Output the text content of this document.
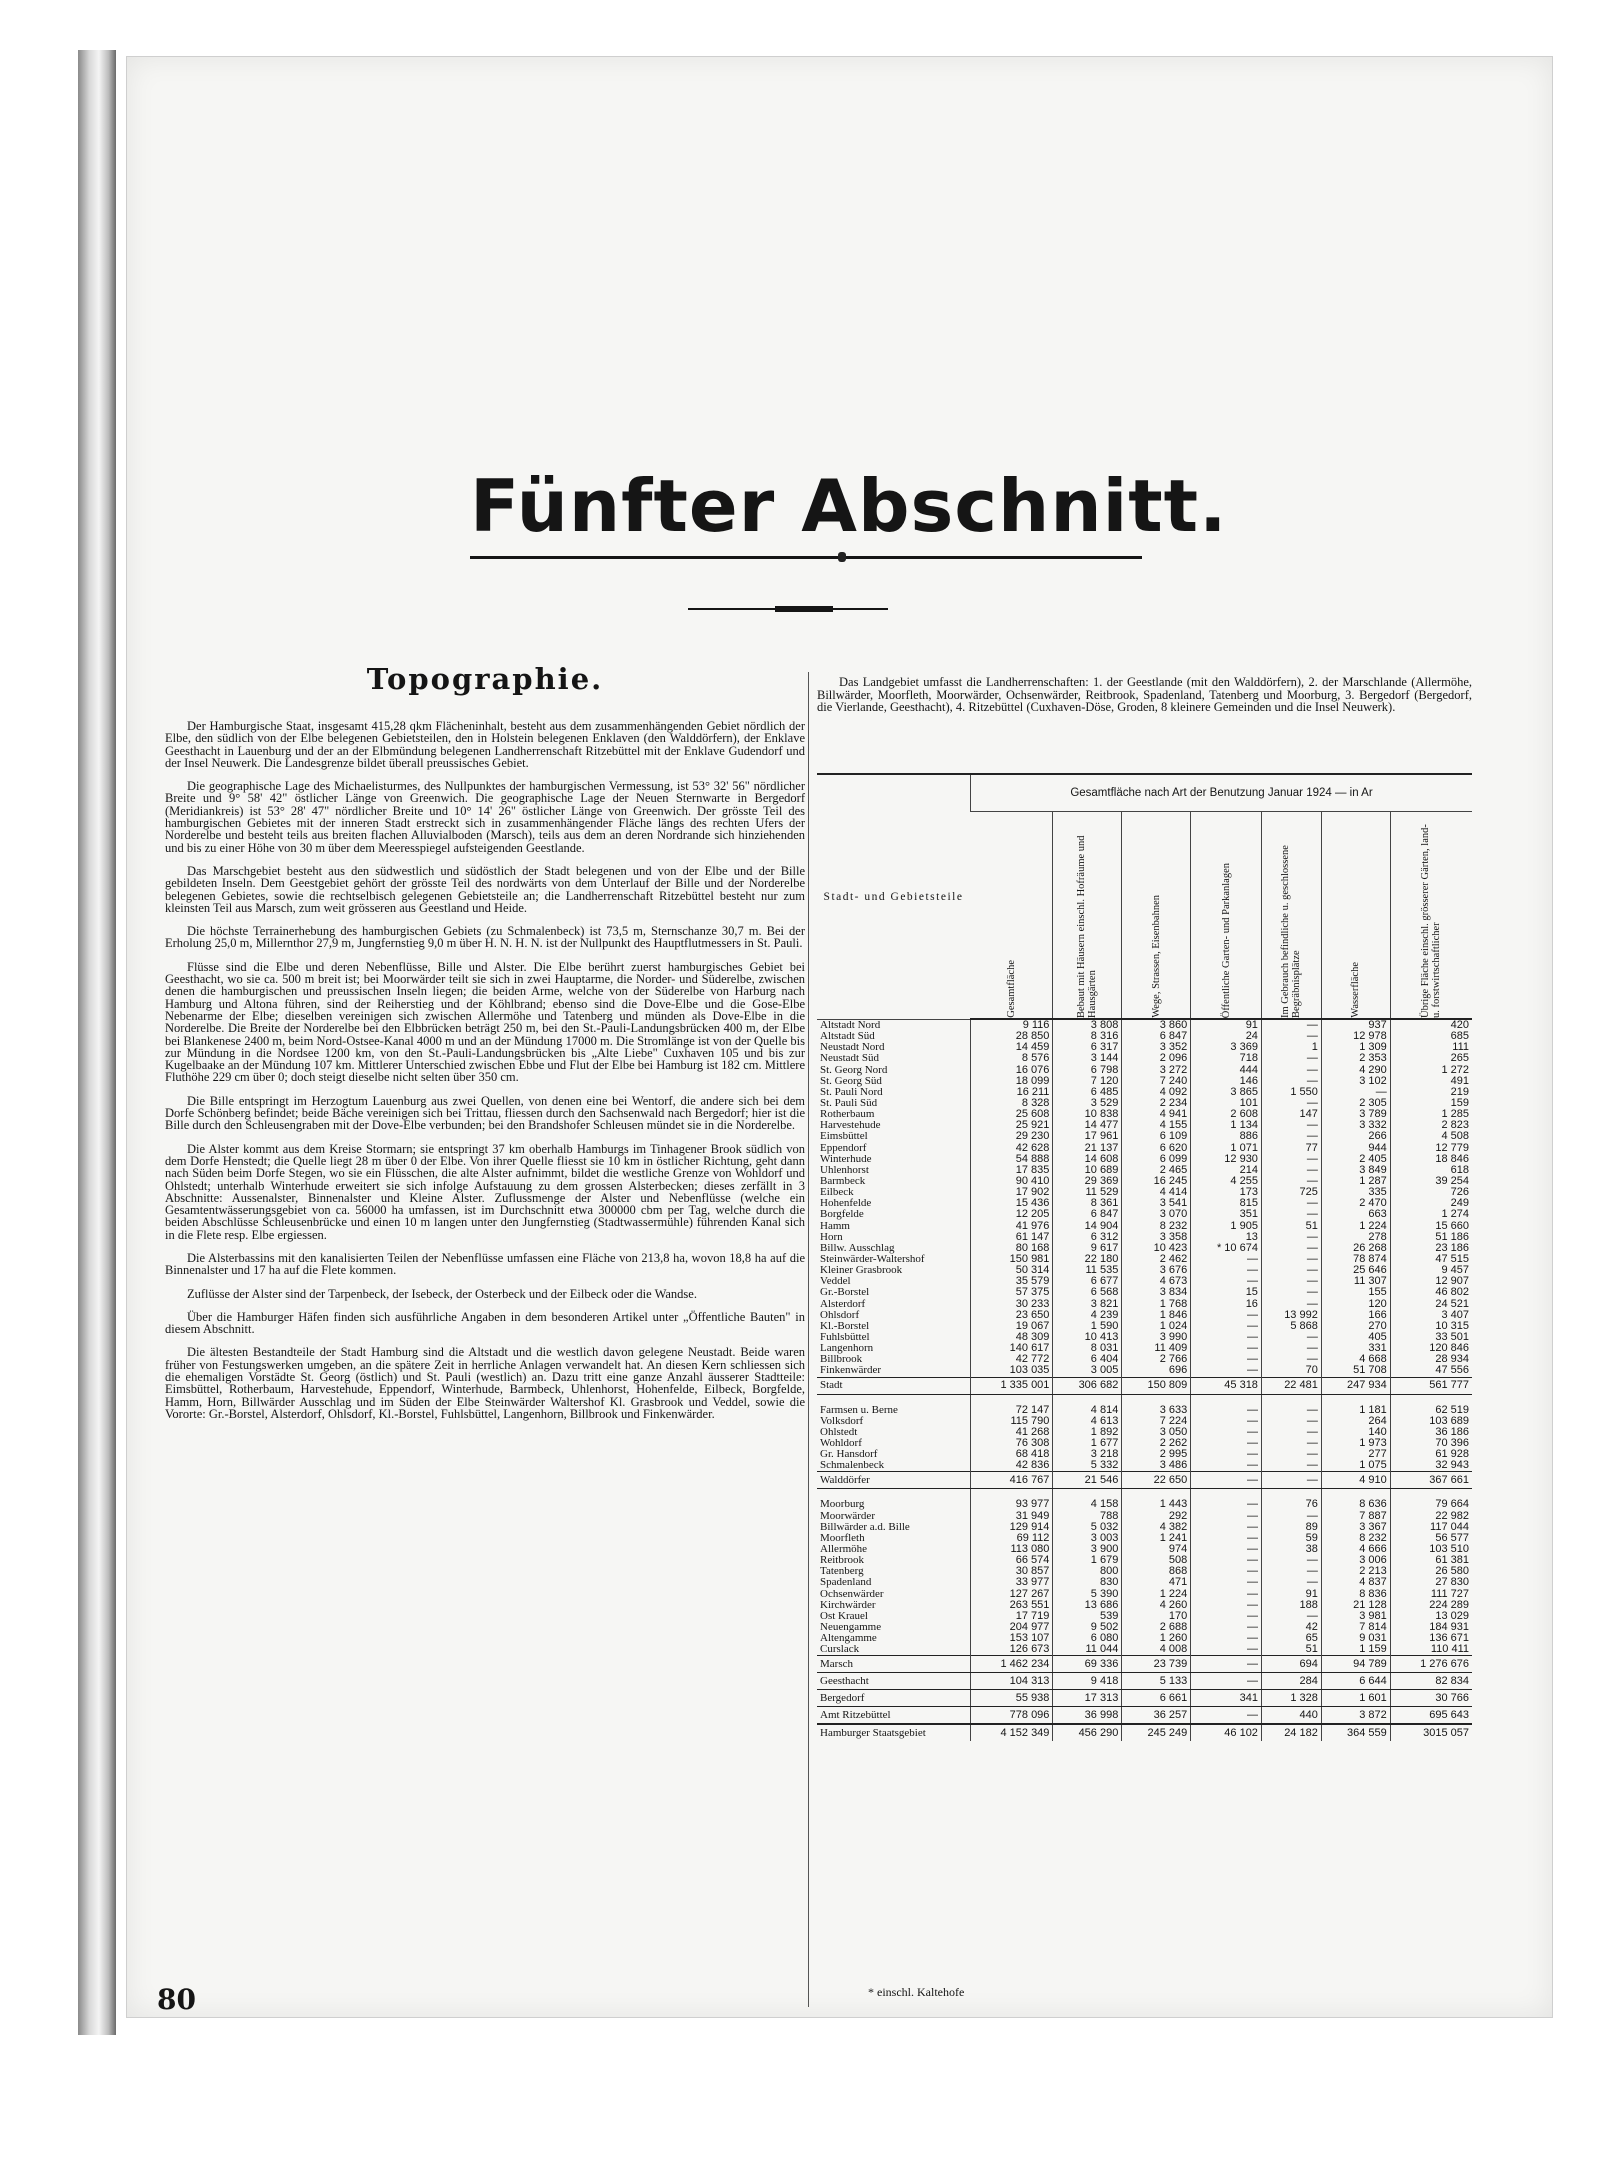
Fünfter Abschnitt.
Topographie.

Der Hamburgische Staat, insgesamt 415,28 qkm Flächeninhalt, besteht aus dem zusammenhängenden Gebiet nördlich der Elbe, den südlich von der Elbe belegenen Gebietsteilen, den in Holstein belegenen Enklaven (den Walddörfern), der Enklave Geesthacht in Lauenburg und der an der Elbmündung belegenen Landherrenschaft Ritzebüttel mit der Enklave Gudendorf und der Insel Neuwerk. Die Landesgrenze bildet überall preussisches Gebiet.

Die geographische Lage des Michaelisturmes, des Nullpunktes der hamburgischen Vermessung, ist 53° 32' 56" nördlicher Breite und 9° 58' 42" östlicher Länge von Greenwich. Die geographische Lage der Neuen Sternwarte in Bergedorf (Meridiankreis) ist 53° 28' 47" nördlicher Breite und 10° 14' 26" östlicher Länge von Greenwich. Der grösste Teil des hamburgischen Gebietes mit der inneren Stadt erstreckt sich in zusammenhängender Fläche längs des rechten Ufers der Norderelbe und besteht teils aus breiten flachen Alluvialboden (Marsch), teils aus dem an deren Nordrande sich hinziehenden und bis zu einer Höhe von 30 m über dem Meeresspiegel aufsteigenden Geestlande.

Das Marschgebiet besteht aus den südwestlich und südöstlich der Stadt belegenen und von der Elbe und der Bille gebildeten Inseln. Dem Geestgebiet gehört der grösste Teil des nordwärts von dem Unterlauf der Bille und der Norderelbe belegenen Gebietes, sowie die rechtselbisch gelegenen Gebietsteile an; die Landherrenschaft Ritzebüttel besteht nur zum kleinsten Teil aus Marsch, zum weit grösseren aus Geestland und Heide.

Die höchste Terrainerhebung des hamburgischen Gebiets (zu Schmalenbeck) ist 73,5 m, Sternschanze 30,7 m. Bei der Erholung 25,0 m, Millernthor 27,9 m, Jungfernstieg 9,0 m über H. N. H. N. ist der Nullpunkt des Hauptflutmessers in St. Pauli.

Flüsse sind die Elbe und deren Nebenflüsse, Bille und Alster. Die Elbe berührt zuerst hamburgisches Gebiet bei Geesthacht, wo sie ca. 500 m breit ist; bei Moorwärder teilt sie sich in zwei Hauptarme, die Norder- und Süderelbe, zwischen denen die hamburgischen und preussischen Inseln liegen; die beiden Arme, welche von der Süderelbe von Harburg nach Hamburg und Altona führen, sind der Reiherstieg und der Köhlbrand; ebenso sind die Dove-Elbe und die Gose-Elbe Nebenarme der Elbe; dieselben vereinigen sich zwischen Allermöhe und Tatenberg und münden als Dove-Elbe in die Norderelbe. Die Breite der Norderelbe bei den Elbbrücken beträgt 250 m, bei den St.-Pauli-Landungsbrücken 400 m, der Elbe bei Blankenese 2400 m, beim Nord-Ostsee-Kanal 4000 m und an der Mündung 17000 m. Die Stromlänge ist von der Quelle bis zur Mündung in die Nordsee 1200 km, von den St.-Pauli-Landungsbrücken bis „Alte Liebe" Cuxhaven 105 und bis zur Kugelbaake an der Mündung 107 km. Mittlerer Unterschied zwischen Ebbe und Flut der Elbe bei Hamburg ist 182 cm. Mittlere Fluthöhe 229 cm über 0; doch steigt dieselbe nicht selten über 350 cm.

Die Bille entspringt im Herzogtum Lauenburg aus zwei Quellen, von denen eine bei Wentorf, die andere sich bei dem Dorfe Schönberg befindet; beide Bäche vereinigen sich bei Trittau, fliessen durch den Sachsenwald nach Bergedorf; hier ist die Bille durch den Schleusengraben mit der Dove-Elbe verbunden; bei den Brandshofer Schleusen mündet sie in die Norderelbe.

Die Alster kommt aus dem Kreise Stormarn; sie entspringt 37 km oberhalb Hamburgs im Tinhagener Brook südlich von dem Dorfe Henstedt; die Quelle liegt 28 m über 0 der Elbe. Von ihrer Quelle fliesst sie 10 km in östlicher Richtung, geht dann nach Süden beim Dorfe Stegen, wo sie ein Flüsschen, die alte Alster aufnimmt, bildet die westliche Grenze von Wohldorf und Ohlstedt; unterhalb Winterhude erweitert sie sich infolge Aufstauung zu dem grossen Alsterbecken; dieses zerfällt in 3 Abschnitte: Aussenalster, Binnenalster und Kleine Alster. Zuflussmenge der Alster und Nebenflüsse (welche ein Gesamtentwässerungsgebiet von ca. 56000 ha umfassen, ist im Durchschnitt etwa 300000 cbm per Tag, welche durch die beiden Abschlüsse Schleusenbrücke und einen 10 m langen unter den Jungfernstieg (Stadtwassermühle) führenden Kanal sich in die Flete resp. Elbe ergiessen.

Die Alsterbassins mit den kanalisierten Teilen der Nebenflüsse umfassen eine Fläche von 213,8 ha, wovon 18,8 ha auf die Binnenalster und 17 ha auf die Flete kommen.

Zuflüsse der Alster sind der Tarpenbeck, der Isebeck, der Osterbeck und der Eilbeck oder die Wandse.

Über die Hamburger Häfen finden sich ausführliche Angaben in dem besonderen Artikel unter „Öffentliche Bauten" in diesem Abschnitt.

Die ältesten Bestandteile der Stadt Hamburg sind die Altstadt und die westlich davon gelegene Neustadt. Beide waren früher von Festungswerken umgeben, an die spätere Zeit in herrliche Anlagen verwandelt hat. An diesen Kern schliessen sich die ehemaligen Vorstädte St. Georg (östlich) und St. Pauli (westlich) an. Dazu tritt eine ganze Anzahl äusserer Stadtteile: Eimsbüttel, Rotherbaum, Harvestehude, Eppendorf, Winterhude, Barmbeck, Uhlenhorst, Hohenfelde, Eilbeck, Borgfelde, Hamm, Horn, Billwärder Ausschlag und im Süden der Elbe Steinwärder Waltershof Kl. Grasbrook und Veddel, sowie die Vororte: Gr.-Borstel, Alsterdorf, Ohlsdorf, Kl.-Borstel, Fuhlsbüttel, Langenhorn, Billbrook und Finkenwärder.

Das Landgebiet umfasst die Landherrenschaften: 1. der Geestlande (mit den Walddörfern), 2. der Marschlande (Allermöhe, Billwärder, Moorfleth, Moorwärder, Ochsenwärder, Reitbrook, Spadenland, Tatenberg und Moorburg, 3. Bergedorf (Bergedorf, die Vierlande, Geesthacht), 4. Ritzebüttel (Cuxhaven-Döse, Groden, 8 kleinere Gemeinden und die Insel Neuwerk).

Stadt- und Gebietsteile	Gesamtfläche nach Art der Benutzung Januar 1924 — in Ar						

	Gesamtfläche	Bebaut mit Häusern einschl. Hofräume und Hausgärten	Wege, Strassen, Eisenbahnen	Öffentliche Garten- und Parkanlagen	Im Gebrauch befindliche u. geschlossene Begräbnisplätze	Wasserfläche	Übrige Fläche einschl. grösserer Gärten, land- u. forstwirtschaftlicher

Altstadt Nord	9 116	3 808	3 860	91	—	937	420
Altstadt Süd	28 850	8 316	6 847	24	—	12 978	685
Neustadt Nord	14 459	6 317	3 352	3 369	1	1 309	111
Neustadt Süd	8 576	3 144	2 096	718	—	2 353	265
St. Georg Nord	16 076	6 798	3 272	444	—	4 290	1 272
St. Georg Süd	18 099	7 120	7 240	146	—	3 102	491
St. Pauli Nord	16 211	6 485	4 092	3 865	1 550	—	219
St. Pauli Süd	8 328	3 529	2 234	101	—	2 305	159
Rotherbaum	25 608	10 838	4 941	2 608	147	3 789	1 285
Harvestehude	25 921	14 477	4 155	1 134	—	3 332	2 823
Eimsbüttel	29 230	17 961	6 109	886	—	266	4 508
Eppendorf	42 628	21 137	6 620	1 071	77	944	12 779
Winterhude	54 888	14 608	6 099	12 930	—	2 405	18 846
Uhlenhorst	17 835	10 689	2 465	214	—	3 849	618
Barmbeck	90 410	29 369	16 245	4 255	—	1 287	39 254
Eilbeck	17 902	11 529	4 414	173	725	335	726
Hohenfelde	15 436	8 361	3 541	815	—	2 470	249
Borgfelde	12 205	6 847	3 070	351	—	663	1 274
Hamm	41 976	14 904	8 232	1 905	51	1 224	15 660
Horn	61 147	6 312	3 358	13	—	278	51 186
Billw. Ausschlag	80 168	9 617	10 423	* 10 674	—	26 268	23 186
Steinwärder-Waltershof	150 981	22 180	2 462	—	—	78 874	47 515
Kleiner Grasbrook	50 314	11 535	3 676	—	—	25 646	9 457
Veddel	35 579	6 677	4 673	—	—	11 307	12 907
Gr.-Borstel	57 375	6 568	3 834	15	—	155	46 802
Alsterdorf	30 233	3 821	1 768	16	—	120	24 521
Ohlsdorf	23 650	4 239	1 846	—	13 992	166	3 407
Kl.-Borstel	19 067	1 590	1 024	—	5 868	270	10 315
Fuhlsbüttel	48 309	10 413	3 990	—	—	405	33 501
Langenhorn	140 617	8 031	11 409	—	—	331	120 846
Billbrook	42 772	6 404	2 766	—	—	4 668	28 934
Finkenwärder	103 035	3 005	696	—	70	51 708	47 556
Stadt	1 335 001	306 682	150 809	45 318	22 481	247 934	561 777

Farmsen u. Berne	72 147	4 814	3 633	—	—	1 181	62 519
Volksdorf	115 790	4 613	7 224	—	—	264	103 689
Ohlstedt	41 268	1 892	3 050	—	—	140	36 186
Wohldorf	76 308	1 677	2 262	—	—	1 973	70 396
Gr. Hansdorf	68 418	3 218	2 995	—	—	277	61 928
Schmalenbeck	42 836	5 332	3 486	—	—	1 075	32 943
Walddörfer	416 767	21 546	22 650	—	—	4 910	367 661

Moorburg	93 977	4 158	1 443	—	76	8 636	79 664
Moorwärder	31 949	788	292	—	—	7 887	22 982
Billwärder a.d. Bille	129 914	5 032	4 382	—	89	3 367	117 044
Moorfleth	69 112	3 003	1 241	—	59	8 232	56 577
Allermöhe	113 080	3 900	974	—	38	4 666	103 510
Reitbrook	66 574	1 679	508	—	—	3 006	61 381
Tatenberg	30 857	800	868	—	—	2 213	26 580
Spadenland	33 977	830	471	—	—	4 837	27 830
Ochsenwärder	127 267	5 390	1 224	—	91	8 836	111 727
Kirchwärder	263 551	13 686	4 260	—	188	21 128	224 289
Ost Krauel	17 719	539	170	—	—	3 981	13 029
Neuengamme	204 977	9 502	2 688	—	42	7 814	184 931
Altengamme	153 107	6 080	1 260	—	65	9 031	136 671
Curslack	126 673	11 044	4 008	—	51	1 159	110 411
Marsch	1 462 234	69 336	23 739	—	694	94 789	1 276 676
Geesthacht	104 313	9 418	5 133	—	284	6 644	82 834
Bergedorf	55 938	17 313	6 661	341	1 328	1 601	30 766
Amt Ritzebüttel	778 096	36 998	36 257	—	440	3 872	695 643
Hamburger Staatsgebiet	4 152 349	456 290	245 249	46 102	24 182	364 559	3015 057
* einschl. Kaltehofe
80
